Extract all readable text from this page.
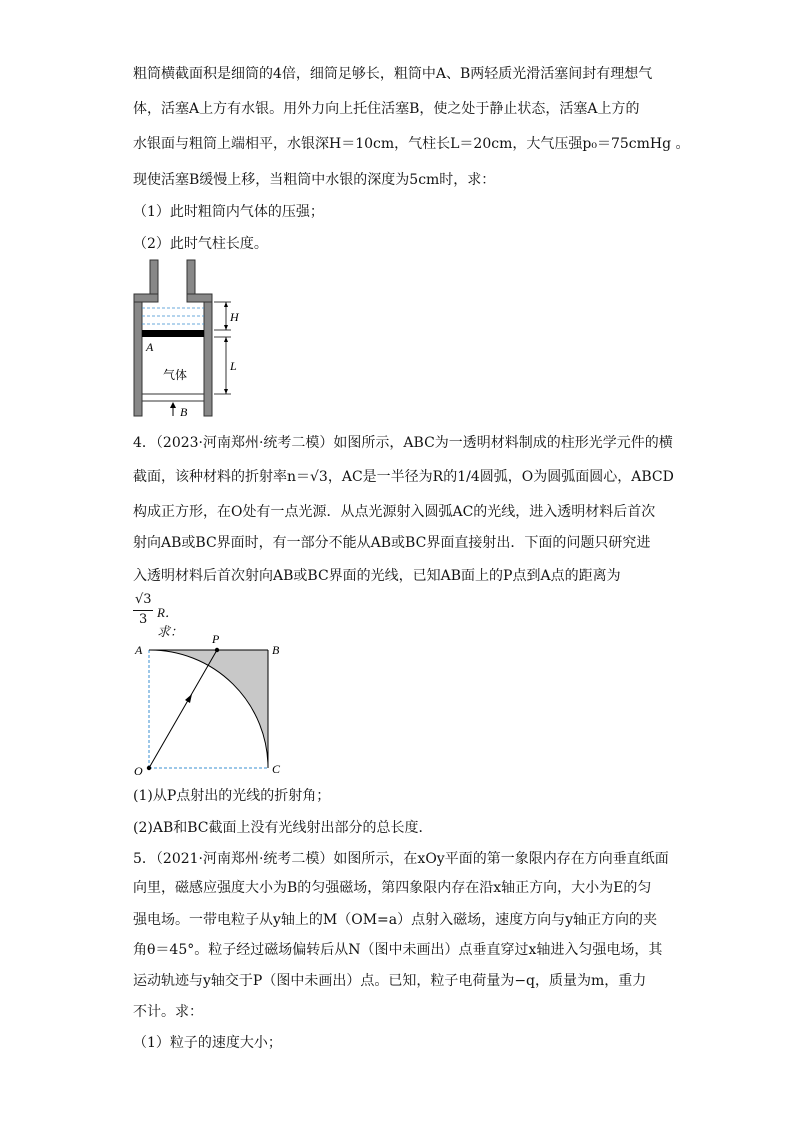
粗筒横截面积是细筒的4倍，细筒足够长，粗筒中A、B两轻质光滑活塞间封有理想气
体，活塞A上方有水银。用外力向上托住活塞B，使之处于静止状态，活塞A上方的
水银面与粗筒上端相平，水银深H＝10cm，气柱长L＝20cm，大气压强p₀＝75cmHg 。
现使活塞B缓慢上移，当粗筒中水银的深度为5cm时，求：
（1）此时粗筒内气体的压强；
（2）此时气柱长度。
H
L
A
气体
B
4．（2023·河南郑州·统考二模）如图所示，ABC为一透明材料制成的柱形光学元件的横
截面，该种材料的折射率n＝√3，AC是一半径为R的1/4圆弧，O为圆弧面圆心，ABCD
构成正方形，在O处有一点光源．从点光源射入圆弧AC的光线，进入透明材料后首次
射向AB或BC界面时，有一部分不能从AB或BC界面直接射出．下面的问题只研究进
入透明材料后首次射向AB或BC界面的光线，已知AB面上的P点到A点的距离为
√3
3 R．求：
A	B
C
O
P
(1)从P点射出的光线的折射角；
(2)AB和BC截面上没有光线射出部分的总长度．
5．（2021·河南郑州·统考二模）如图所示，在xOy平面的第一象限内存在方向垂直纸面
向里，磁感应强度大小为B的匀强磁场，第四象限内存在沿x轴正方向，大小为E的匀
强电场。一带电粒子从y轴上的M（OM=a）点射入磁场，速度方向与y轴正方向的夹
角θ＝45°。粒子经过磁场偏转后从N（图中未画出）点垂直穿过x轴进入匀强电场，其
运动轨迹与y轴交于P（图中未画出）点。已知，粒子电荷量为−q，质量为m，重力
不计。求：
（1）粒子的速度大小；
